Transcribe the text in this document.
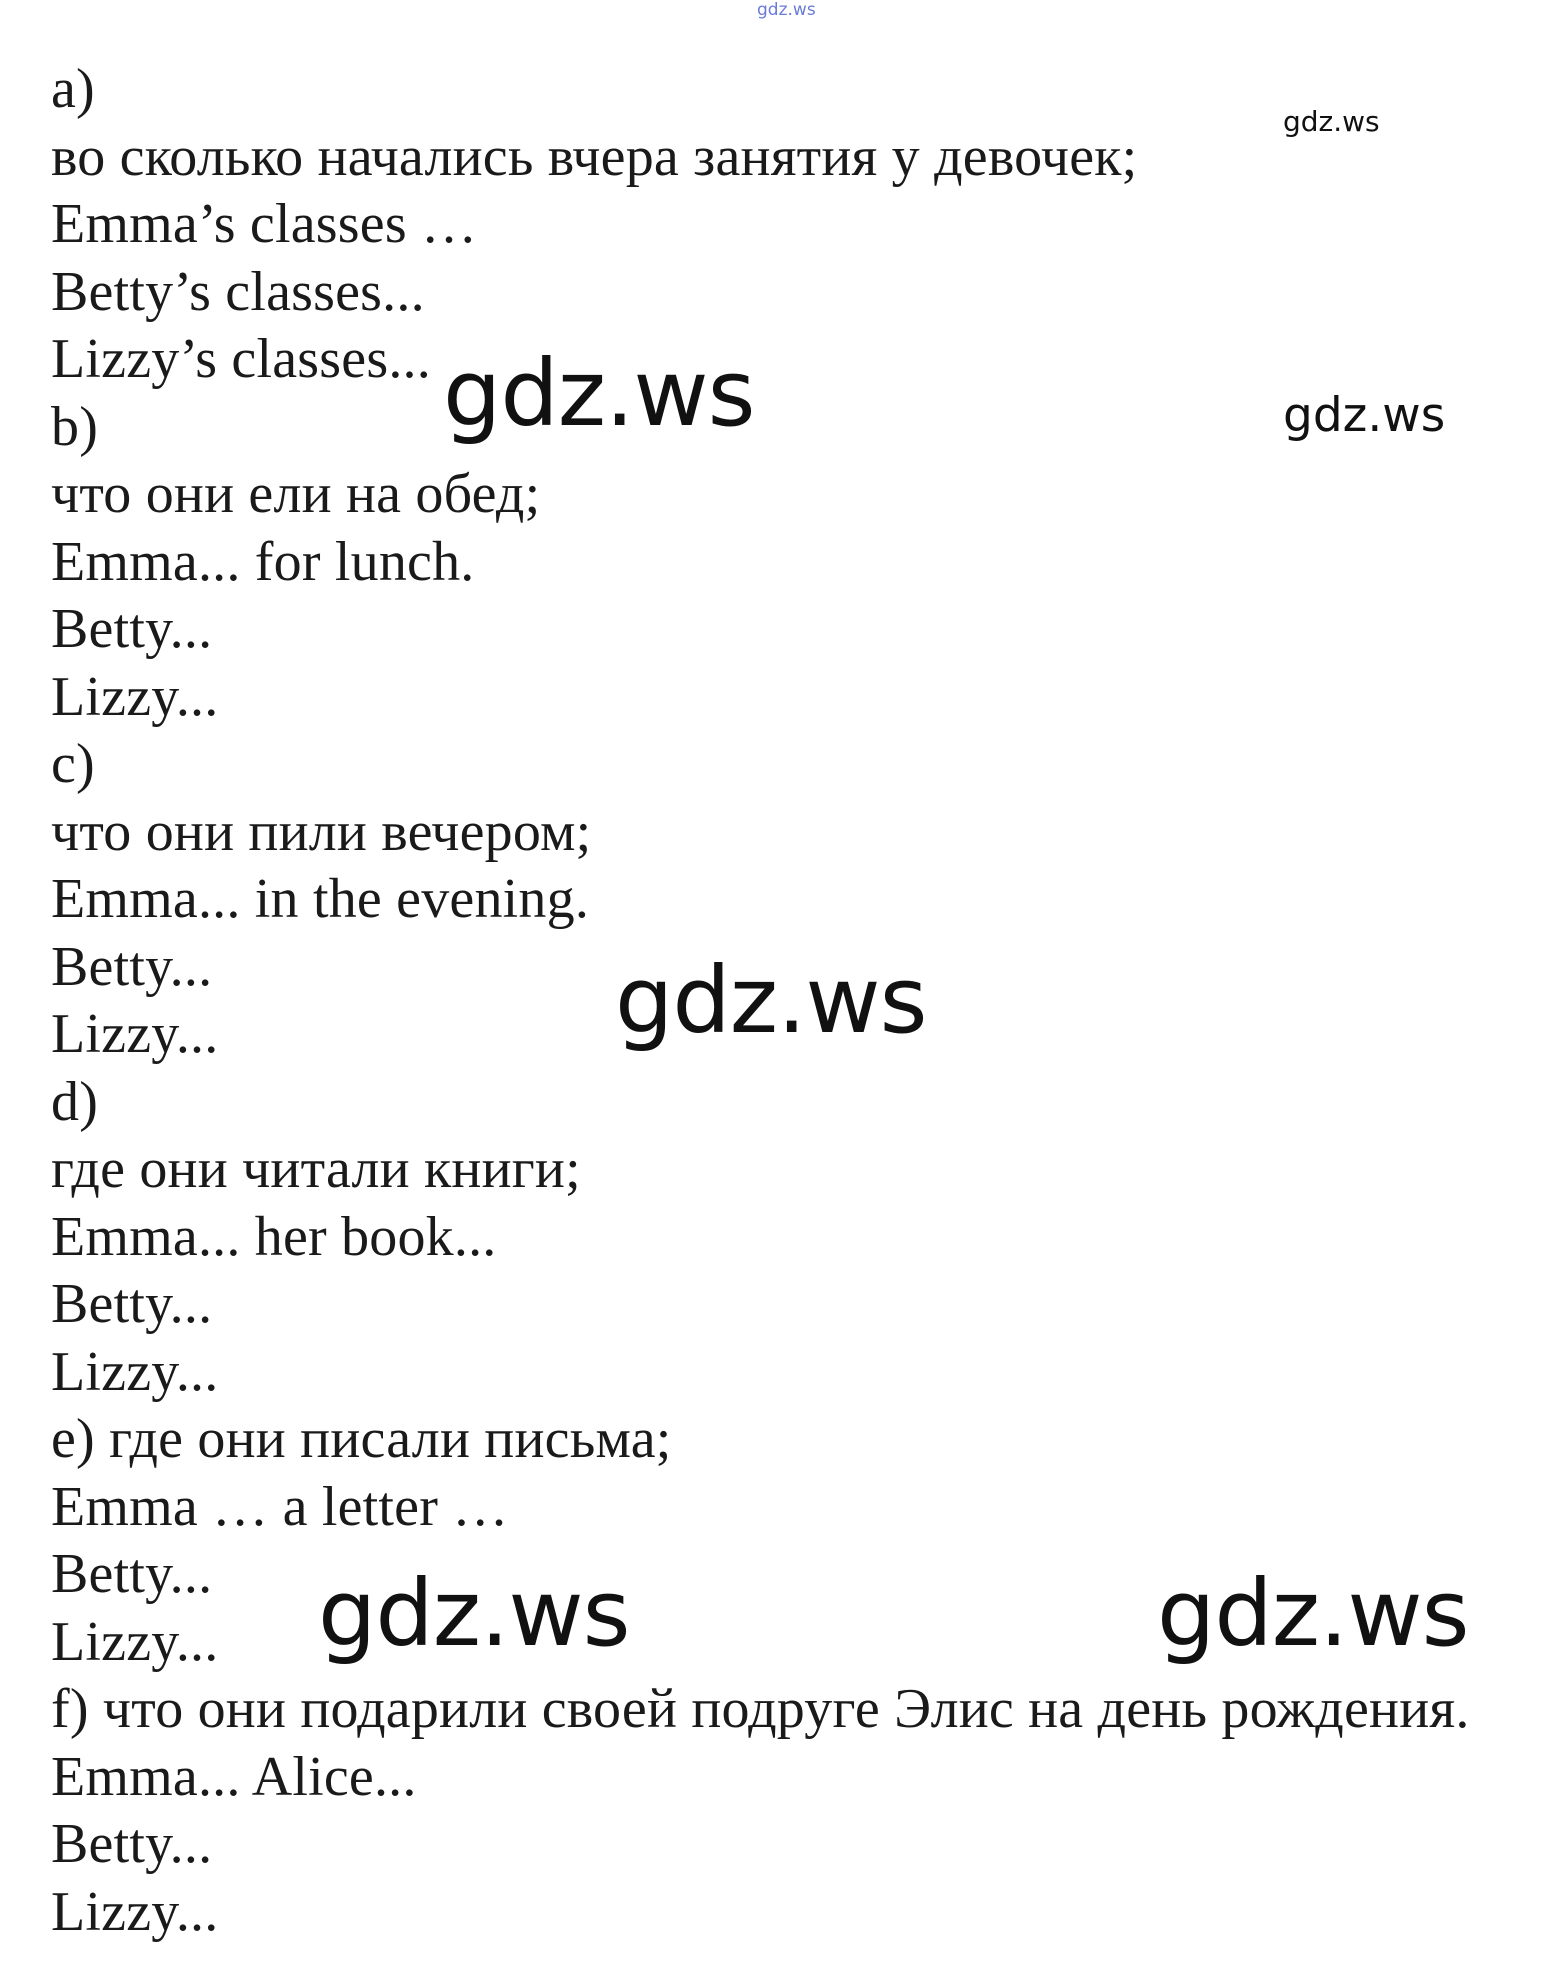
a)
во сколько начались вчера занятия у девочек;
Emma’s classes …
Betty’s classes...
Lizzy’s classes...
b)
что они ели на обед;
Emma... for lunch.
Betty...
Lizzy...
c)
что они пили вечером;
Emma... in the evening.
Betty...
Lizzy...
d)
где они читали книги;
Emma... her book...
Betty...
Lizzy...
e) где они писали письма;
Emma … a letter …
Betty...
Lizzy...
f) что они подарили своей подруге Элис на день рождения.
Emma... Alice...
Betty...
Lizzy...
gdz.ws
gdz.ws
gdz.ws
gdz.ws
gdz.ws
gdz.ws	gdz.ws
